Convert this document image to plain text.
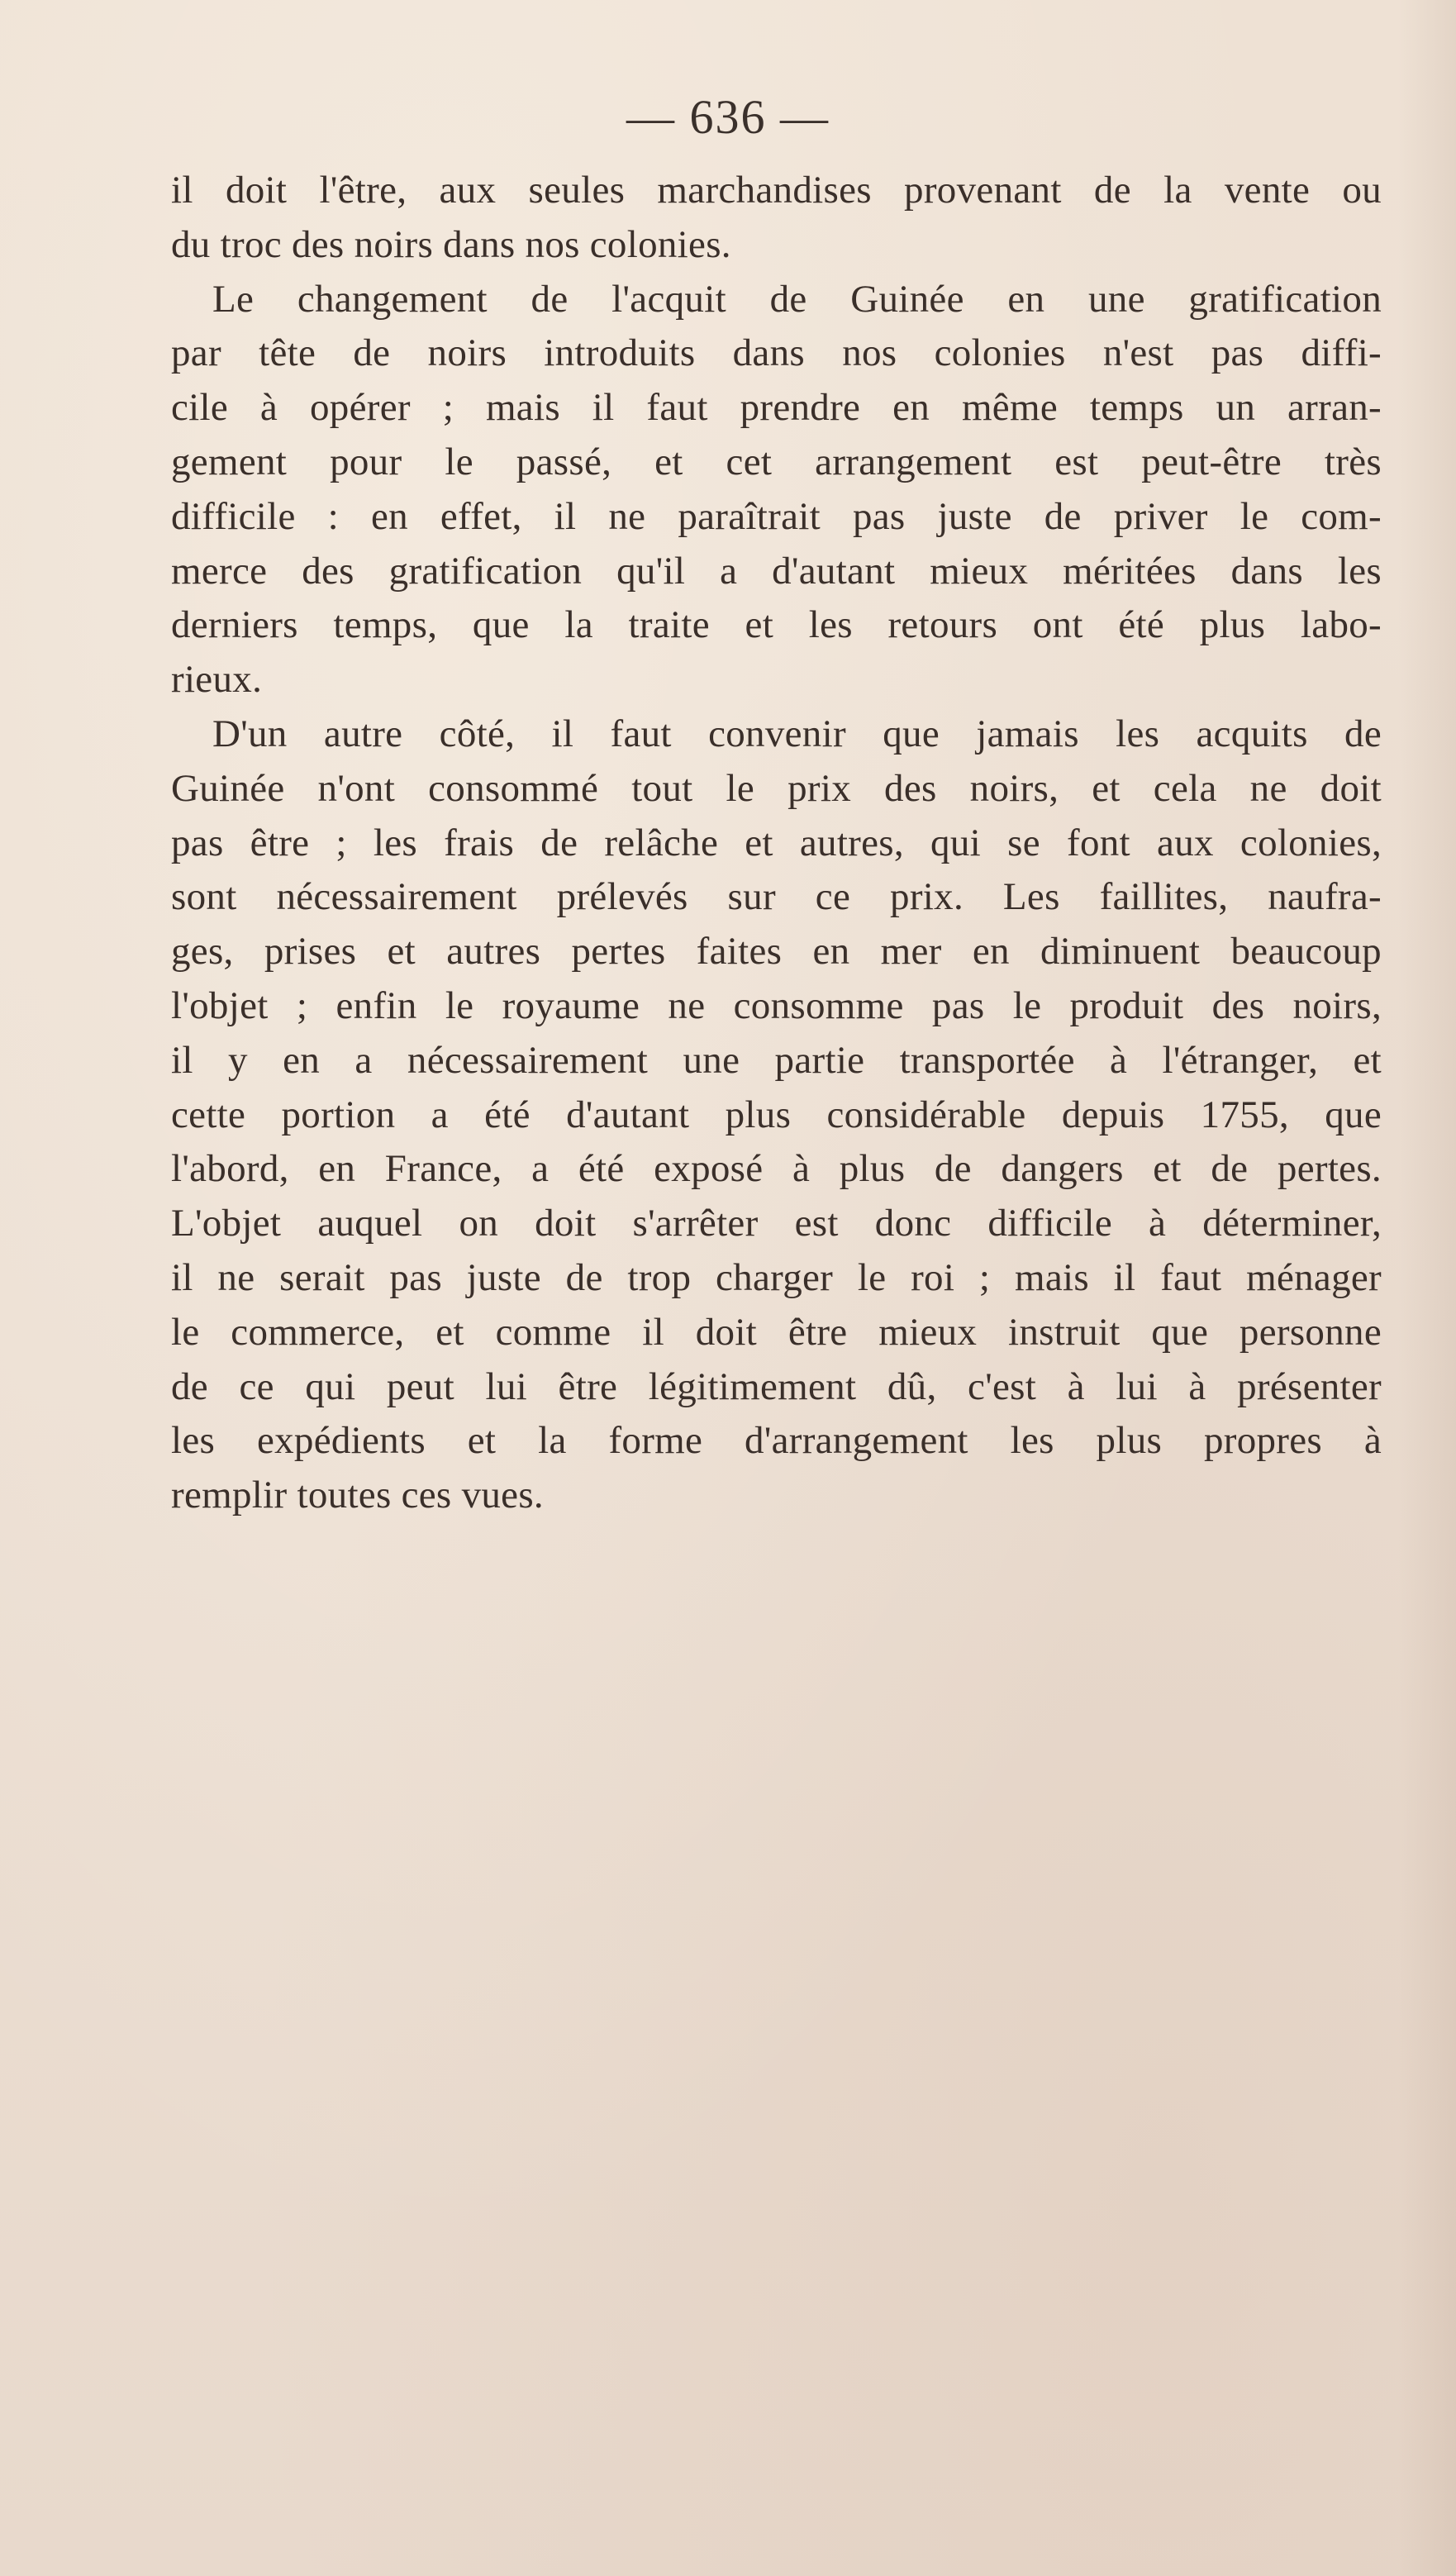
— 636 —
il doit l'être, aux seules marchandises provenant de la vente ou
du troc des noirs dans nos colonies.
Le changement de l'acquit de Guinée en une gratification
par tête de noirs introduits dans nos colonies n'est pas diffi-
cile à opérer ; mais il faut prendre en même temps un arran-
gement pour le passé, et cet arrangement est peut-être très
difficile : en effet, il ne paraîtrait pas juste de priver le com-
merce des gratification qu'il a d'autant mieux méritées dans les
derniers temps, que la traite et les retours ont été plus labo-
rieux.
D'un autre côté, il faut convenir que jamais les acquits de
Guinée n'ont consommé tout le prix des noirs, et cela ne doit
pas être ; les frais de relâche et autres, qui se font aux colonies,
sont nécessairement prélevés sur ce prix. Les faillites, naufra-
ges, prises et autres pertes faites en mer en diminuent beaucoup
l'objet ; enfin le royaume ne consomme pas le produit des noirs,
il y en a nécessairement une partie transportée à l'étranger, et
cette portion a été d'autant plus considérable depuis 1755, que
l'abord, en France, a été exposé à plus de dangers et de pertes.
L'objet auquel on doit s'arrêter est donc difficile à déterminer,
il ne serait pas juste de trop charger le roi ; mais il faut ménager
le commerce, et comme il doit être mieux instruit que personne
de ce qui peut lui être légitimement dû, c'est à lui à présenter
les expédients et la forme d'arrangement les plus propres à
remplir toutes ces vues.
